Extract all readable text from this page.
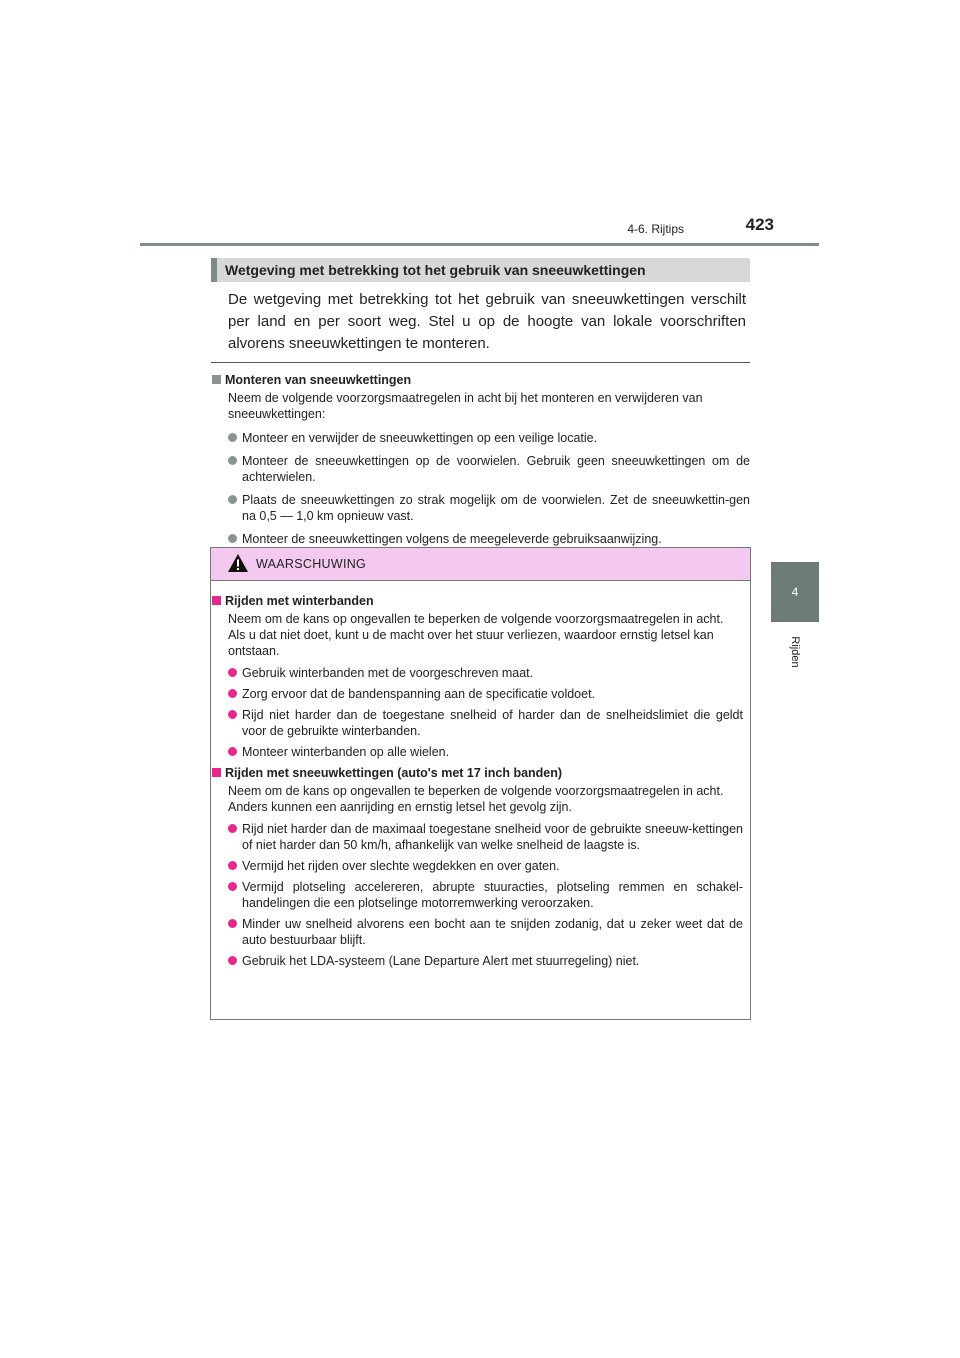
4-6. Rijtips	423
4
Rijden
Wetgeving met betrekking tot het gebruik van sneeuwkettingen
De wetgeving met betrekking tot het gebruik van sneeuwkettingen verschilt per land en per soort weg. Stel u op de hoogte van lokale voorschriften alvorens sneeuwkettingen te monteren.
Monteren van sneeuwkettingen
Neem de volgende voorzorgsmaatregelen in acht bij het monteren en verwijderen van sneeuwkettingen:
Monteer en verwijder de sneeuwkettingen op een veilige locatie.
Monteer de sneeuwkettingen op de voorwielen. Gebruik geen sneeuwkettingen om de achterwielen.
Plaats de sneeuwkettingen zo strak mogelijk om de voorwielen. Zet de sneeuwkettin-gen na 0,5 — 1,0 km opnieuw vast.
Monteer de sneeuwkettingen volgens de meegeleverde gebruiksaanwijzing.
WAARSCHUWING
Rijden met winterbanden
Neem om de kans op ongevallen te beperken de volgende voorzorgsmaatregelen in acht.
Als u dat niet doet, kunt u de macht over het stuur verliezen, waardoor ernstig letsel kan ontstaan.
Gebruik winterbanden met de voorgeschreven maat.
Zorg ervoor dat de bandenspanning aan de specificatie voldoet.
Rijd niet harder dan de toegestane snelheid of harder dan de snelheidslimiet die geldt voor de gebruikte winterbanden.
Monteer winterbanden op alle wielen.
Rijden met sneeuwkettingen (auto's met 17 inch banden)
Neem om de kans op ongevallen te beperken de volgende voorzorgsmaatregelen in acht.
Anders kunnen een aanrijding en ernstig letsel het gevolg zijn.
Rijd niet harder dan de maximaal toegestane snelheid voor de gebruikte sneeuw-kettingen of niet harder dan 50 km/h, afhankelijk van welke snelheid de laagste is.
Vermijd het rijden over slechte wegdekken en over gaten.
Vermijd plotseling accelereren, abrupte stuuracties, plotseling remmen en schakel-handelingen die een plotselinge motorremwerking veroorzaken.
Minder uw snelheid alvorens een bocht aan te snijden zodanig, dat u zeker weet dat de auto bestuurbaar blijft.
Gebruik het LDA-systeem (Lane Departure Alert met stuurregeling) niet.
